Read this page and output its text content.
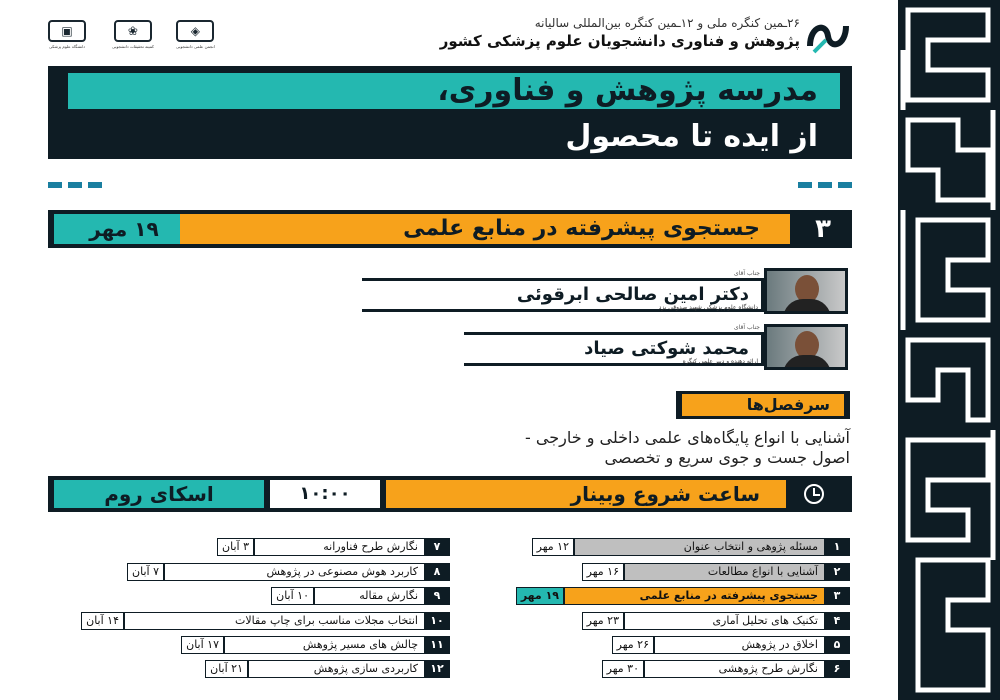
▣
دانشگاه علوم پزشکی
❀
کمیته تحقیقات دانشجویی
◈
انجمن علمی دانشجویی
۲۶ـمین کنگره ملی و ۱۲ـمین کنگره بین‌المللی سالیانه
پژوهش و فناوری دانشجویان علوم پزشکی کشور
مدرسه پژوهش و فناوری،
از ایده تا محصول
۱۹ مهر	جستجوی پیشرفته در منابع علمی	۳
جناب آقای
دکتر امین صالحی ابرقوئی
دانشگاه علوم پزشکی شهید صدوقی یزد
جناب آقای
محمد شوکتی صیاد
ارائه دهنده و دبیر علمی کنگره
سرفصل‌ها
آشنایی با انواع پایگاه‌های علمی داخلی و خارجی -
اصول جست و جوی سریع و تخصصی
اسکای روم	۱۰:۰۰	ساعت شروع وبینار
۱
مسئله پژوهی و انتخاب عنوان
۱۲ مهر
۲
آشنایی با انواع مطالعات
۱۶ مهر
۳
جستجوی پیشرفته در منابع علمی
۱۹ مهر
۴
تکنیک های تحلیل آماری
۲۳ مهر
۵
اخلاق در پژوهش
۲۶ مهر
۶
نگارش طرح پژوهشی
۳۰ مهر
۷
نگارش طرح فناورانه
۳ آبان
۸
کاربرد هوش مصنوعی در پژوهش
۷ آبان
۹
نگارش مقاله
۱۰ آبان
۱۰
انتخاب مجلات مناسب برای چاپ مقالات
۱۴ آبان
۱۱
چالش های مسیر پژوهش
۱۷ آبان
۱۲
کاربردی سازی پژوهش
۲۱ آبان
